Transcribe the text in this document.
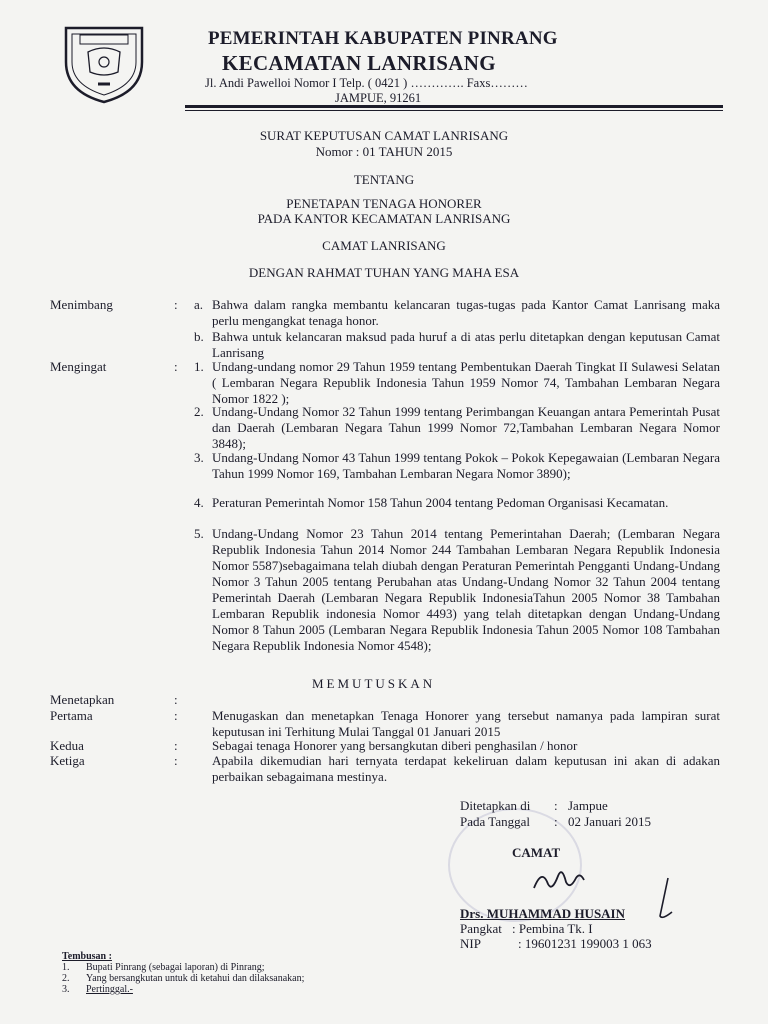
PEMERINTAH KABUPATEN PINRANG
KECAMATAN LANRISANG
Jl. Andi Pawelloi Nomor I Telp. ( 0421 ) …………. Faxs………
JAMPUE, 91261
SURAT KEPUTUSAN CAMAT LANRISANG
Nomor : 01 TAHUN 2015
TENTANG
PENETAPAN TENAGA HONORER
PADA KANTOR KECAMATAN LANRISANG
CAMAT LANRISANG
DENGAN RAHMAT TUHAN YANG MAHA ESA
Menimbang	: a. Bahwa dalam rangka membantu kelancaran tugas-tugas pada Kantor Camat Lanrisang maka perlu mengangkat tenaga honor.
b. Bahwa untuk kelancaran maksud pada huruf a di atas perlu ditetapkan dengan keputusan Camat Lanrisang
Mengingat	: 1. Undang-undang nomor 29 Tahun 1959 tentang Pembentukan Daerah Tingkat II Sulawesi Selatan ( Lembaran Negara Republik Indonesia Tahun 1959 Nomor 74, Tambahan Lembaran Negara Nomor 1822 );
2. Undang-Undang Nomor 32 Tahun 1999 tentang Perimbangan Keuangan antara Pemerintah Pusat dan Daerah (Lembaran Negara Tahun 1999 Nomor 72,Tambahan Lembaran Negara Nomor 3848);
3. Undang-Undang Nomor 43 Tahun 1999 tentang Pokok – Pokok Kepegawaian (Lembaran Negara Tahun 1999 Nomor 169, Tambahan Lembaran Negara Nomor 3890);
4. Peraturan Pemerintah Nomor 158 Tahun 2004 tentang Pedoman Organisasi Kecamatan.
5. Undang-Undang Nomor 23 Tahun 2014 tentang Pemerintahan Daerah; (Lembaran Negara Republik Indonesia Tahun 2014 Nomor 244 Tambahan Lembaran Negara Republik Indonesia Nomor 5587)sebagaimana telah diubah dengan Peraturan Pemerintah Pengganti Undang-Undang Nomor 3 Tahun 2005 tentang Perubahan atas Undang-Undang Nomor 32 Tahun 2004 tentang Pemerintah Daerah (Lembaran Negara Republik IndonesiaTahun 2005 Nomor 38 Tambahan Lembaran Republik indonesia Nomor 4493) yang telah ditetapkan dengan Undang-Undang Nomor 8 Tahun 2005 (Lembaran Negara Republik Indonesia Tahun 2005 Nomor 108 Tambahan Negara Republik Indonesia Nomor 4548);
MEMUTUSKAN
Menetapkan	:
Pertama	:	Menugaskan dan menetapkan Tenaga Honorer yang tersebut namanya pada lampiran surat keputusan ini Terhitung Mulai Tanggal 01 Januari 2015
Kedua	:	Sebagai tenaga Honorer yang bersangkutan diberi penghasilan / honor
Ketiga	:	Apabila dikemudian hari ternyata terdapat kekeliruan dalam keputusan ini akan di adakan perbaikan sebagaimana mestinya.
Ditetapkan di : Jampue
Pada Tanggal : 02 Januari 2015
CAMAT
Drs. MUHAMMAD HUSAIN
Pangkat : Pembina Tk. I
NIP	: 19601231 199003 1 063
Tembusan :
1. Bupati Pinrang (sebagai laporan) di Pinrang;
2. Yang bersangkutan untuk di ketahui dan dilaksanakan;
3. Pertinggal.-
